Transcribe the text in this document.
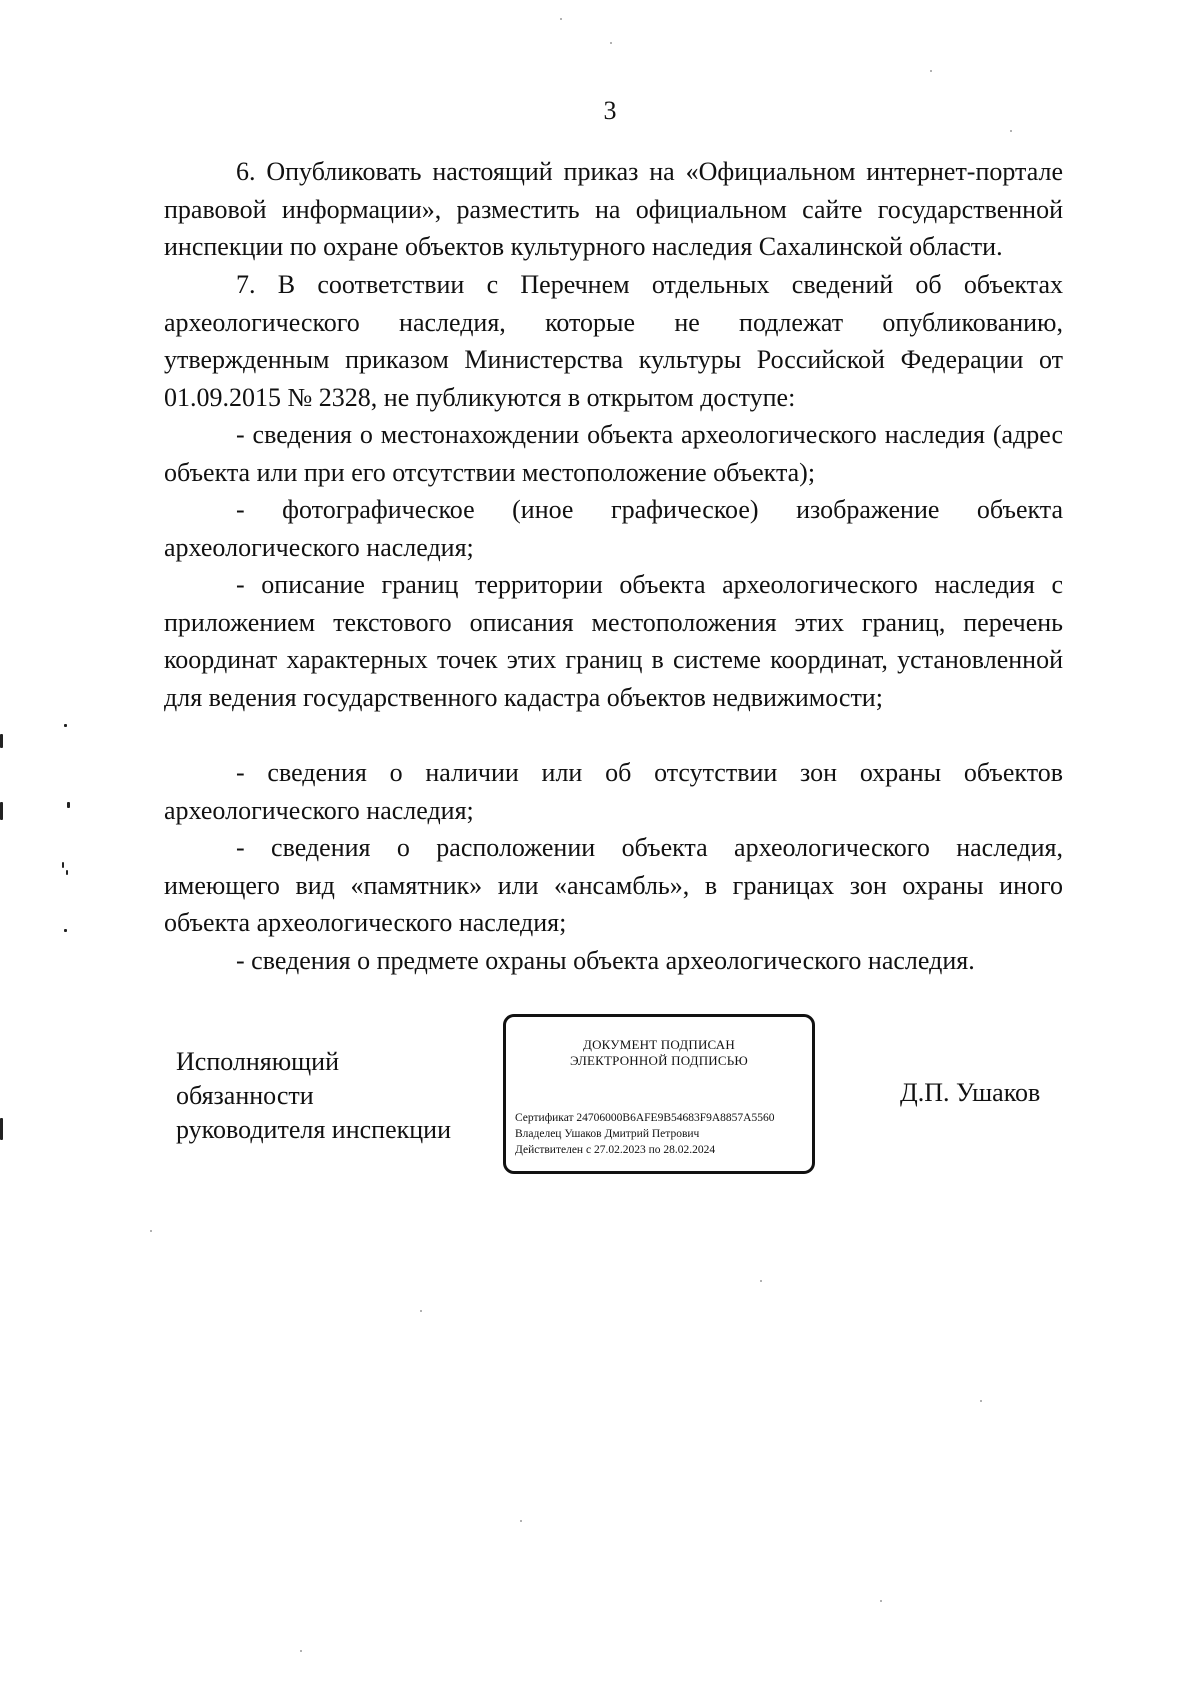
3
6. Опубликовать настоящий приказ на «Официальном интернет-портале правовой информации», разместить на официальном сайте государственной инспекции по охране объектов культурного наследия Сахалинской области.
7. В соответствии с Перечнем отдельных сведений об объектах археологического наследия, которые не подлежат опубликованию, утвержденным приказом Министерства культуры Российской Федерации от 01.09.2015 № 2328, не публикуются в открытом доступе:
- сведения о местонахождении объекта археологического наследия (адрес объекта или при его отсутствии местоположение объекта);
- фотографическое (иное графическое) изображение объекта археологического наследия;
- описание границ территории объекта археологического наследия с приложением текстового описания местоположения этих границ, перечень координат характерных точек этих границ в системе координат, установленной для ведения государственного кадастра объектов недвижимости;
- сведения о наличии или об отсутствии зон охраны объектов археологического наследия;
- сведения о расположении объекта археологического наследия, имеющего вид «памятник» или «ансамбль», в границах зон охраны иного объекта археологического наследия;
- сведения о предмете охраны объекта археологического наследия.
Исполняющий
обязанности
руководителя инспекции
ДОКУМЕНТ ПОДПИСАН
ЭЛЕКТРОННОЙ ПОДПИСЬЮ
Сертификат 24706000B6AFE9B54683F9A8857A5560
Владелец Ушаков Дмитрий Петрович
Действителен с 27.02.2023 по 28.02.2024
Д.П. Ушаков
